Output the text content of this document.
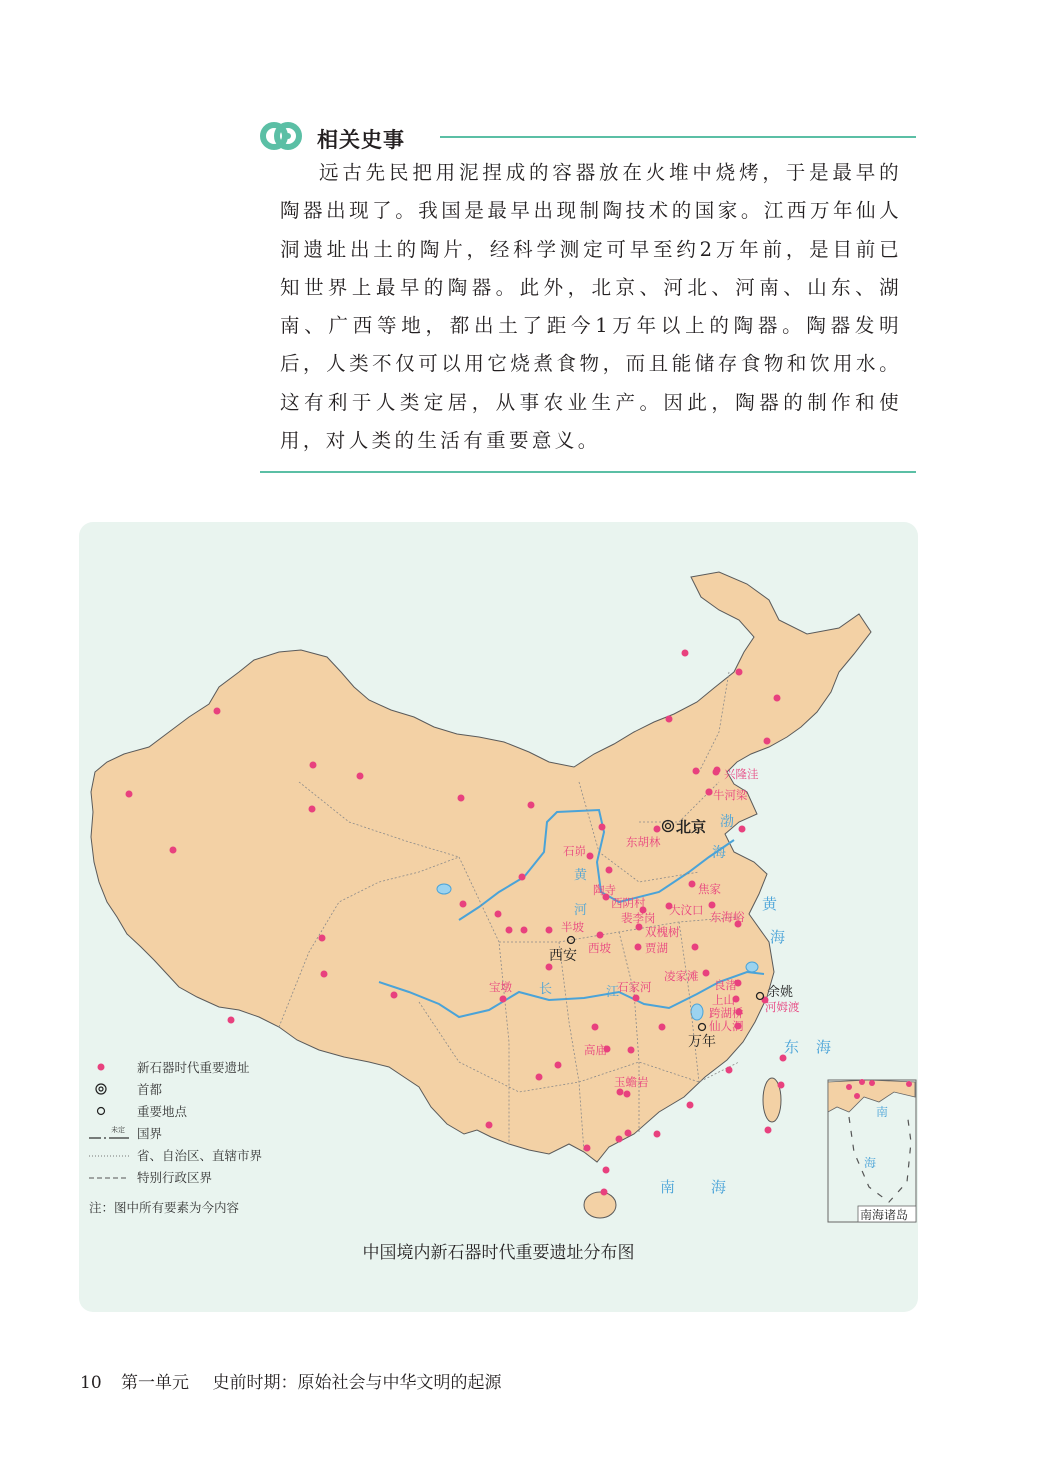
相关史事

远古先民把用泥捏成的容器放在火堆中烧烤，于是最早的陶器出现了。我国是最早出现制陶技术的国家。江西万年仙人洞遗址出土的陶片，经科学测定可早至约2万年前，是目前已知世界上最早的陶器。此外，北京、河北、河南、山东、湖南、广西等地，都出土了距今1万年以上的陶器。陶器发明后，人类不仅可以用它烧煮食物，而且能储存食物和饮用水。这有利于人类定居，从事农业生产。因此，陶器的制作和使用，对人类的生活有重要意义。

北京
西安
余姚
万年
兴隆洼
牛河梁
东胡林
石峁
陶寺
西阴村
裴李岗
半坡
西坡
双槐树
贾湖
焦家
大汶口 东海峪
宝墩	石家河
凌家滩
良渚
上山
跨湖桥 河姆渡
仙人洞
高庙
玉蟾岩
渤
海
黄
海
东 海
南 海
黄
河
长	江
南
海
南海诸岛
新石器时代重要遗址
首都
重要地点
未定 国界
省、自治区、直辖市界
特别行政区界
注：图中所有要素为今内容
中国境内新石器时代重要遗址分布图
10 第一单元 史前时期：原始社会与中华文明的起源
